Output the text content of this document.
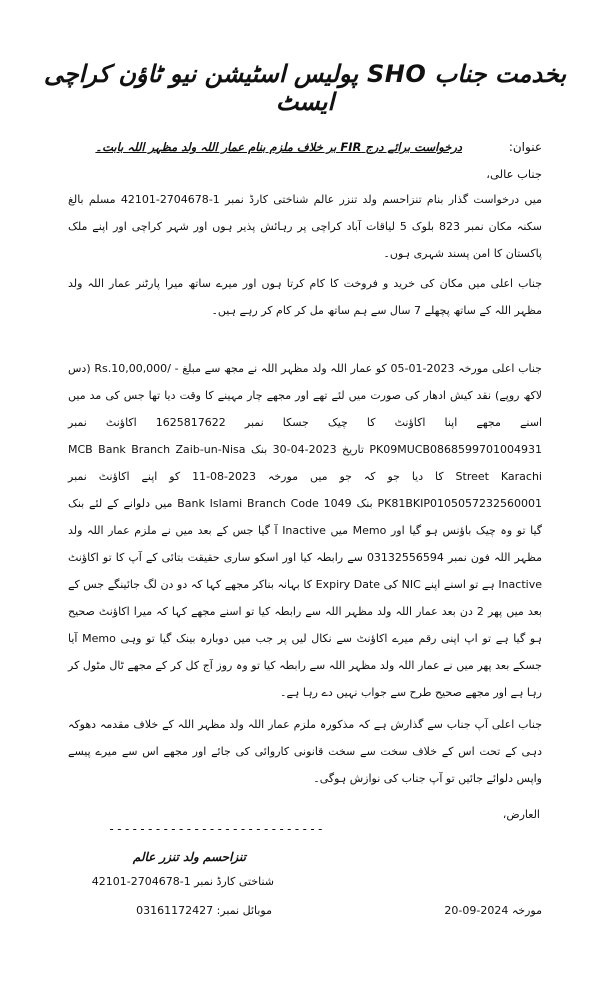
بخدمت جناب SHO پولیس اسٹیشن نیو ٹاؤن کراچی ایسٹ
عنوان:
درخواست برائے درج FIR بر خلاف ملزم بنام عمار اللہ ولد مظہر اللہ بابت۔
جناب عالی،
میں درخواست گذار بنام تنزاحسم ولد تنزر عالم شناختی کارڈ نمبر 1-2704678-42101 مسلم بالغ سکنہ مکان نمبر 823 بلوک 5 لیاقات آباد کراچی پر رہائش پذیر ہوں اور شہر کراچی اور اپنے ملک پاکستان کا امن پسند شہری ہوں۔
جناب اعلی میں مکان کی خرید و فروخت کا کام کرتا ہوں اور میرے ساتھ میرا پارٹنر عمار اللہ ولد مظہر اللہ کے ساتھ پچھلے 7 سال سے ہم ساتھ مل کر کام کر رہے ہیں۔
جناب اعلی مورخہ 2023-01-05 کو عمار اللہ ولد مظہر اللہ نے مجھ سے مبلغ - /Rs.10,00,000 (دس لاکھ روپے) نقد کیش ادھار کی صورت میں لئے تھے اور مجھے چار مہینے کا وقت دیا تھا جس کی مد میں اسنے مجھے اپنا اکاؤنٹ کا چیک جسکا نمبر 1625817622 اکاؤنٹ نمبر PK09MUCB0868599701004931 تاریخ 2023-04-30 بنک MCB Bank Branch Zaib-un-Nisa Street Karachi کا دیا جو کہ جو میں مورخہ 2023-08-11 کو اپنے اکاؤنٹ نمبر PK81BKIP0105057232560001 بنک Bank Islami Branch Code 1049 میں دلوانے کے لئے بنک گیا تو وہ چیک باؤنس ہو گیا اور Memo میں Inactive آ گیا جس کے بعد میں نے ملزم عمار اللہ ولد مظہر اللہ فون نمبر 03132556594 سے رابطہ کیا اور اسکو ساری حقیقت بتائی کے آپ کا تو اکاؤنٹ Inactive ہے تو اسنے اپنے NIC کی Expiry Date کا بہانہ بناکر مجھے کہا کہ دو دن لگ جائینگے جس کے بعد میں پھر 2 دن بعد عمار اللہ ولد مظہر اللہ سے رابطہ کیا تو اسنے مجھے کہا کہ میرا اکاؤنٹ صحیح ہو گیا ہے تو اپ اپنی رقم میرے اکاؤنٹ سے نکال لیں پر جب میں دوبارہ بینک گیا تو وہی Memo آیا جسکے بعد پھر میں نے عمار اللہ ولد مظہر اللہ سے رابطہ کیا تو وہ روز آج کل کر کے مجھے ٹال مٹول کر رہا ہے اور مجھے صحیح طرح سے جواب نہیں دے رہا ہے۔
جناب اعلی آپ جناب سے گذارش ہے کہ مذکورہ ملزم عمار اللہ ولد مظہر اللہ کے خلاف مقدمہ دھوکہ دہی کے تحت اس کے خلاف سخت سے سخت قانونی کاروائی کی جائے اور مجھے اس سے میرے پیسے واپس دلوائے جائیں تو آپ جناب کی نوازش ہوگی۔
العارض،
----------------------------
تنزاحسم ولد تنزر عالم
شناختی کارڈ نمبر 1-2704678-42101
موبائل نمبر: 03161172427	مورخہ 2024-09-20
